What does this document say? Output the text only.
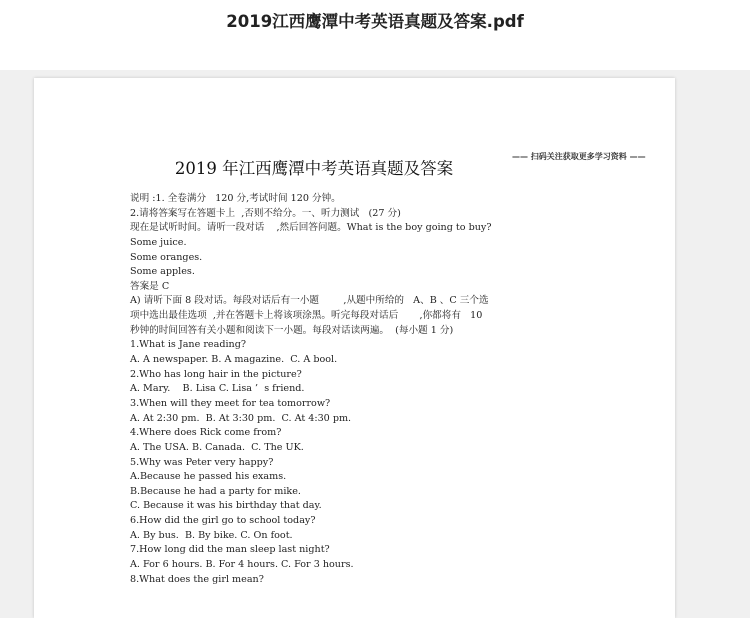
2019江西鹰潭中考英语真题及答案.pdf
—— 扫码关注获取更多学习资料 ——
2019 年江西鹰潭中考英语真题及答案
说明 :1. 全卷满分   120 分,考试时间 120 分钟。
2.请将答案写在答题卡上  ,否则不给分。一、听力测试   (27 分)
现在是试听时间。请听一段对话    ,然后回答问题。What is the boy going to buy?
Some juice.
Some oranges.
Some apples.
答案是 C
A) 请听下面 8 段对话。每段对话后有一小题        ,从题中所给的   A、B 、C 三个选
项中选出最佳选项  ,并在答题卡上将该项涂黑。听完每段对话后       ,你都将有   10
秒钟的时间回答有关小题和阅读下一小题。每段对话读两遍。  (每小题 1 分)
1.What is Jane reading?
A. A newspaper. B. A magazine.  C. A bool.
2.Who has long hair in the picture?
A. Mary.    B. Lisa C. Lisa ’  s friend.
3.When will they meet for tea tomorrow?
A. At 2:30 pm.  B. At 3:30 pm.  C. At 4:30 pm.
4.Where does Rick come from?
A. The USA. B. Canada.  C. The UK.
5.Why was Peter very happy?
A.Because he passed his exams.
B.Because he had a party for mike.
C. Because it was his birthday that day.
6.How did the girl go to school today?
A. By bus.  B. By bike. C. On foot.
7.How long did the man sleep last night?
A. For 6 hours. B. For 4 hours. C. For 3 hours.
8.What does the girl mean?
